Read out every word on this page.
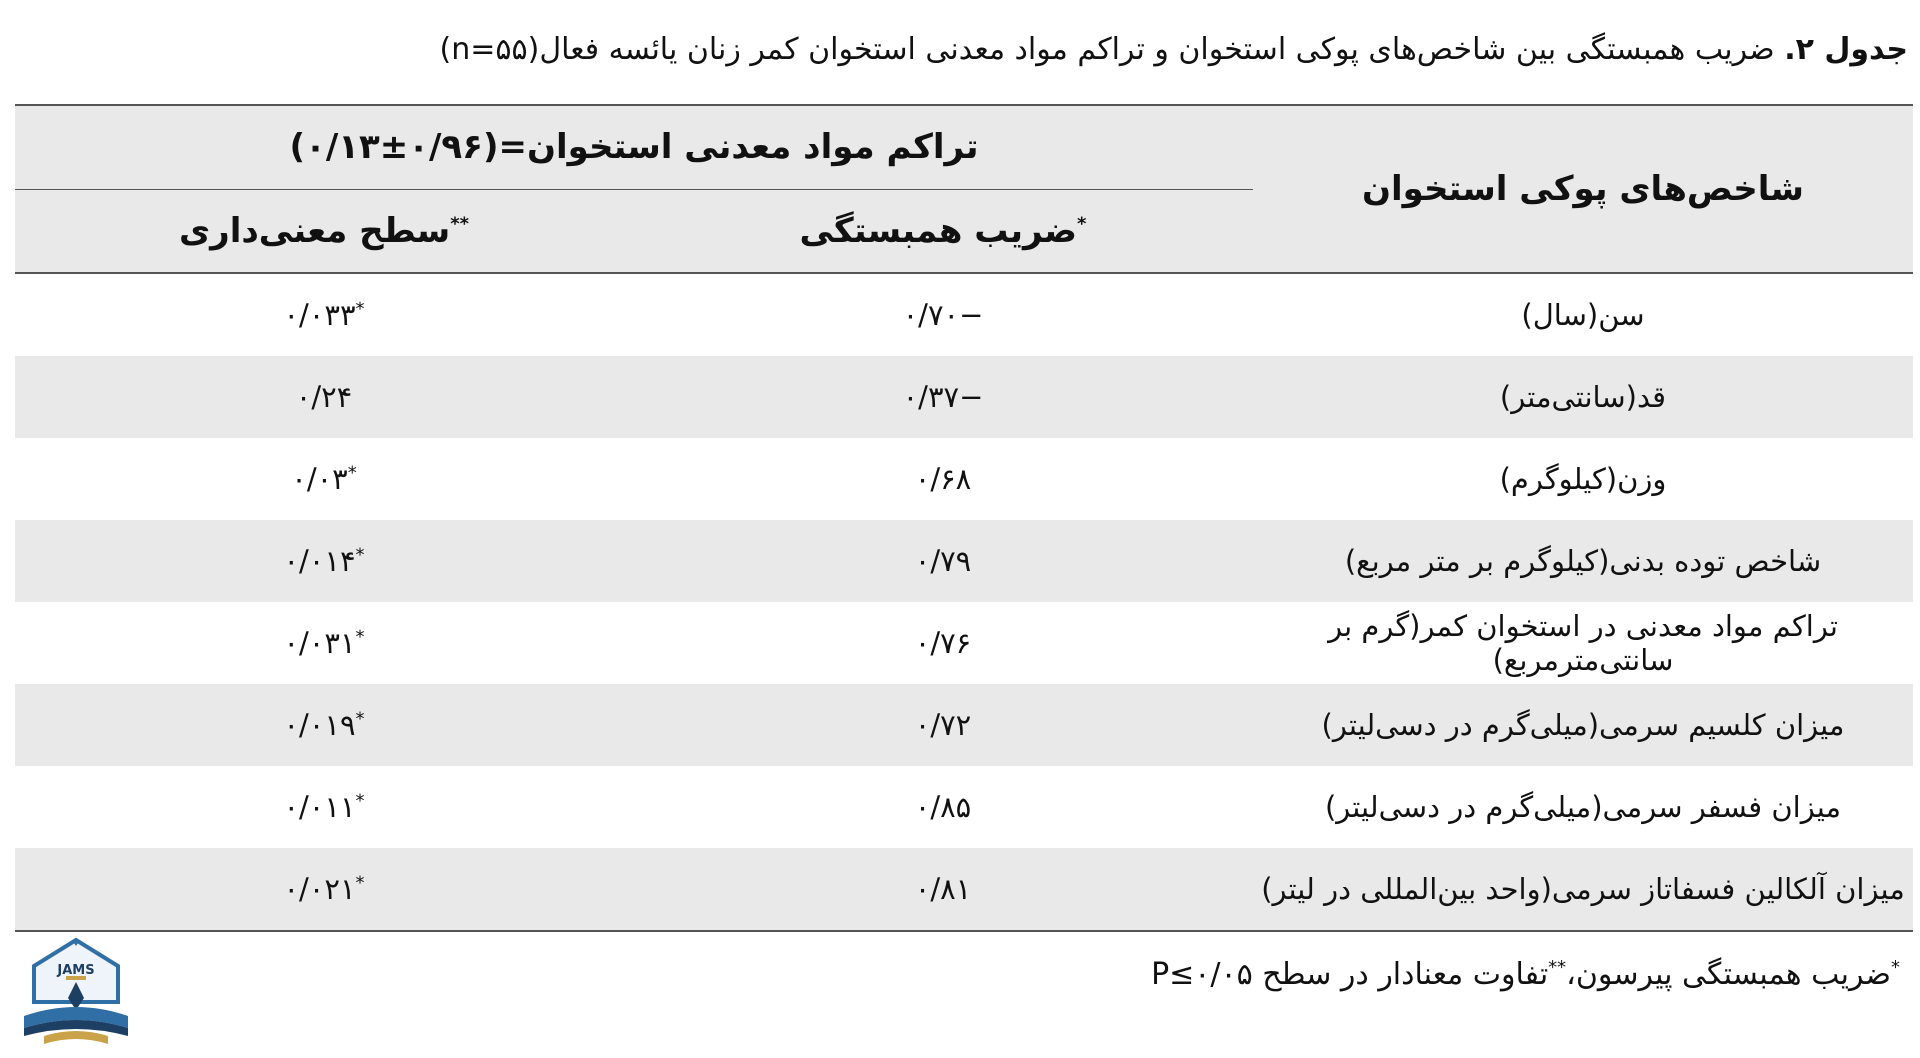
جدول ۲. ضریب همبستگی بین شاخص‌های پوکی استخوان و تراکم مواد معدنی استخوان کمر زنان یائسه فعال(n=۵۵)
شاخص‌های پوکی استخوان	تراکم مواد معدنی استخوان=(۰/۹۶±۰/۱۳)	
	*ضریب همبستگی	**سطح معنی‌داری
سن(سال)	−۰/۷۰	*۰/۰۳۳
قد(سانتی‌متر)	−۰/۳۷	۰/۲۴
وزن(کیلوگرم)	۰/۶۸	*۰/۰۳
شاخص توده بدنی(کیلوگرم بر متر مربع)	۰/۷۹	*۰/۰۱۴
تراکم مواد معدنی در استخوان کمر(گرم بر سانتی‌مترمربع)	۰/۷۶	*۰/۰۳۱
میزان کلسیم سرمی(میلی‌گرم در دسی‌لیتر)	۰/۷۲	*۰/۰۱۹
میزان فسفر سرمی(میلی‌گرم در دسی‌لیتر)	۰/۸۵	*۰/۰۱۱
میزان آلکالین فسفاتاز سرمی(واحد بین‌المللی در لیتر)	۰/۸۱	*۰/۰۲۱
*ضریب همبستگی پیرسون،**تفاوت معنادار در سطح P≤۰/۰۵
JAMS
